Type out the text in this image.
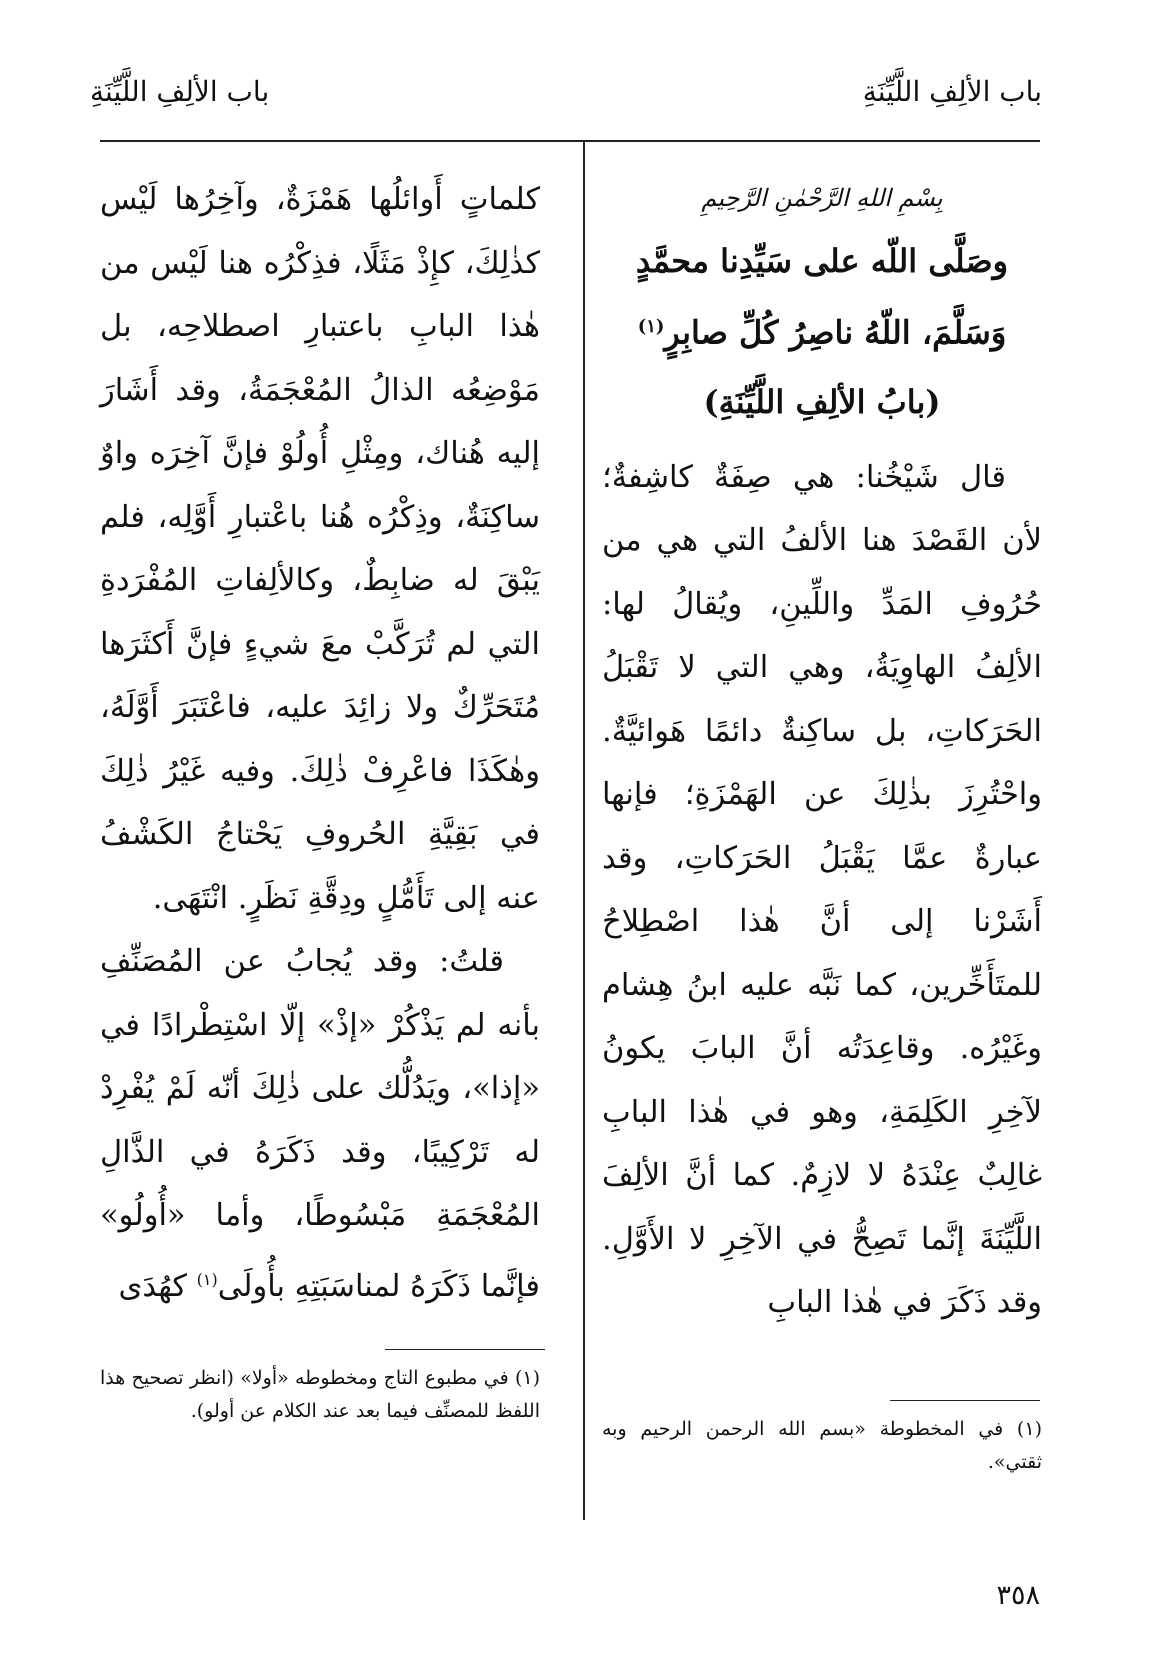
باب الألِفِ اللَّيِّنَةِ
باب الألِفِ اللَّيِّنَةِ
بِسْمِ اللهِ الرَّحْمٰنِ الرَّحِيمِ
وصَلَّى اللّه على سَيِّدِنا محمَّدٍ
وَسَلَّمَ، اللّهُ ناصِرُ كُلِّ صابِرٍ$^{(١)}$
(بابُ الألِفِ اللَّيِّنَةِ)

قال شَيْخُنا: هي صِفَةٌ كاشِفةٌ؛ لأن القَصْدَ هنا الألفُ التي هي من حُرُوفِ المَدِّ واللِّينِ، ويُقالُ لها: الألِفُ الهاوِيَةُ، وهي التي لا تَقْبَلُ الحَرَكاتِ، بل ساكِنةٌ دائمًا هَوائيَّةٌ. واحْتُرِزَ بذٰلِكَ عن الهَمْزَةِ؛ فإنها عبارةٌ عمَّا يَقْبَلُ الحَرَكاتِ، وقد أَشَرْنا إلى أنَّ هٰذا اصْطِلاحُ للمتَأَخِّرين، كما نَبَّه عليه ابنُ هِشام وغَيْرُه. وقاعِدَتُه أنَّ البابَ يكونُ لآخِرِ الكَلِمَةِ، وهو في هٰذا البابِ غالِبٌ عِنْدَهُ لا لازِمٌ. كما أنَّ الألِفَ اللَّيِّنَةَ إنَّما تَصِحُّ في الآخِرِ لا الأَوَّلِ. وقد ذَكَرَ في هٰذا البابِ

كلماتٍ أَوائلُها هَمْزَةٌ، وآخِرُها لَيْس كذٰلِكَ، كإِذْ مَثَلًا، فذِكْرُه هنا لَيْس من هٰذا البابِ باعتبارِ اصطلاحِه، بل مَوْضِعُه الذالُ المُعْجَمَةُ، وقد أَشَارَ إليه هُناك، ومِثْلِ أُولُوْ فإنَّ آخِرَه واوٌ ساكِنَةٌ، وذِكْرُه هُنا باعْتبارِ أَوَّلِه، فلم يَبْقَ له ضابِطٌ، وكالألِفاتِ المُفْرَدةِ التي لم تُرَكَّبْ معَ شيءٍ فإنَّ أَكثَرَها مُتَحَرِّكٌ ولا زائِدَ عليه، فاعْتَبَرَ أَوَّلَهُ، وهٰكَذَا فاعْرِفْ ذٰلِكَ. وفيه غَيْرُ ذٰلِكَ في بَقِيَّةِ الحُروفِ يَحْتاجُ الكَشْفُ عنه إلى تَأَمُّلٍ ودِقَّةِ نَظَرٍ. انْتَهَى.

قلتُ: وقد يُجابُ عن المُصَنِّفِ بأنه لم يَذْكُرْ «إذْ» إلّا اسْتِطْرادًا في «إذا»، ويَدُلُّك على ذٰلِكَ أنّه لَمْ يُفْرِدْ له تَرْكِيبًا، وقد ذَكَرَهُ في الذَّالِ المُعْجَمَةِ مَبْسُوطًا، وأما «أُولُو» فإنَّما ذَكَرَهُ لمناسَبَتِهِ بأُولَى$^{(١)}$ كهُدَى

(١) في المخطوطة «بسم الله الرحمن الرحيم وبه ثقتي».
(١) في مطبوع التاج ومخطوطه «أولا» (انظر تصحيح هذا اللفظ للمصنِّف فيما بعد عند الكلام عن أولو).
٣٥٨
